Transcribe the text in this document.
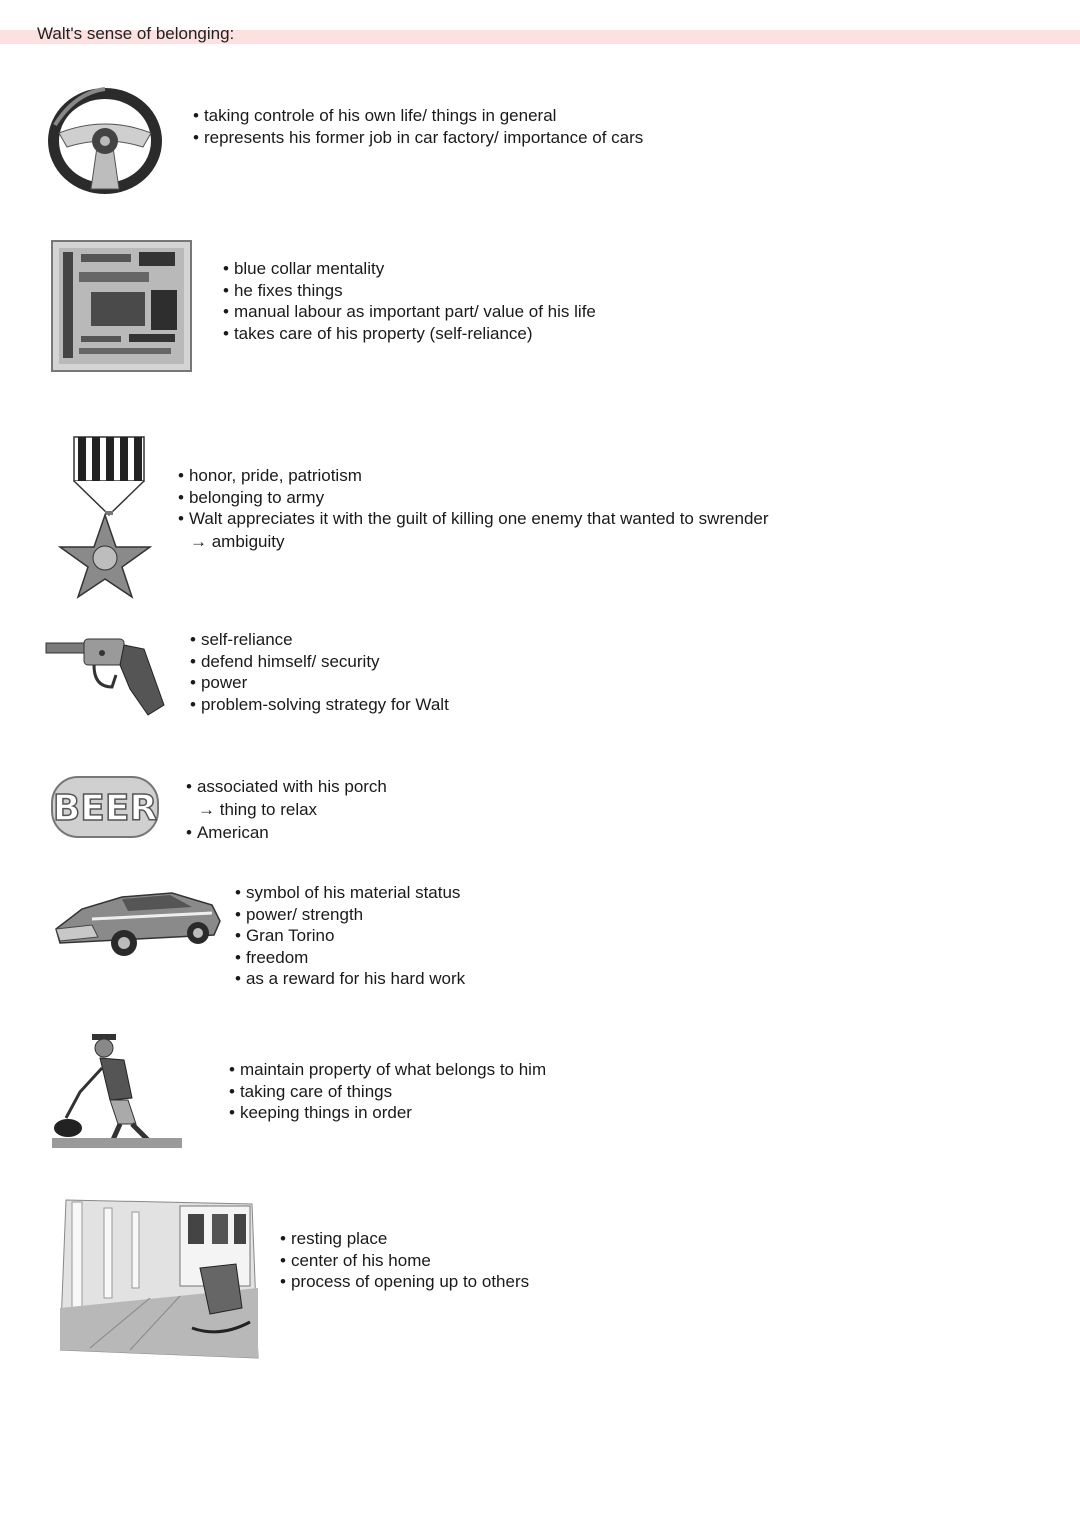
Walt's sense of belonging:
• taking controle of his own life/ things in general
• represents his former job in car factory/ importance of cars
• blue collar mentality
• he fixes things
• manual labour as important part/ value of his life
• takes care of his property (self-reliance)
• honor, pride, patriotism
• belonging to army
• Walt appreciates it with the guilt of killing one enemy that wanted to swrender
→ ambiguity
• self-reliance
• defend himself/ security
• power
• problem-solving strategy for Walt
BEER
• associated with his porch
→ thing to relax
• American
• symbol of his material status
• power/ strength
• Gran Torino
• freedom
• as a reward for his hard work
• maintain property of what belongs to him
• taking care of things
• keeping things in order
• resting place
• center of his home
• process of opening up to others
